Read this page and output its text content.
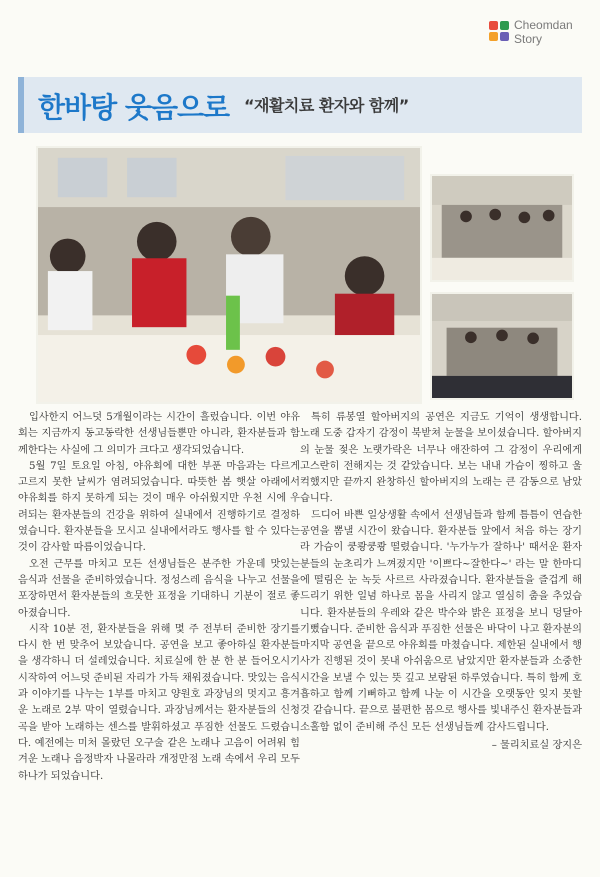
Cheomdan
Story
한바탕 웃음으로 “재활치료 환자와 함께”

입사한지 어느덧 5개월이라는 시간이 흘렀습니다. 이번 야유회는 지금까지 동고동락한 선생님들뿐만 아니라, 환자분들과 함께한다는 사실에 그 의미가 크다고 생각되었습니다.

5월 7일 토요일 아침, 야유회에 대한 부푼 마음과는 다르게 고르지 못한 날씨가 염려되었습니다. 따뜻한 봄 햇살 아래에서 야유회를 하지 못하게 되는 것이 매우 아쉬웠지만 우천 시에 우려되는 환자분들의 건강을 위하여 실내에서 진행하기로 결정하였습니다. 환자분들을 모시고 실내에서라도 행사를 할 수 있다는 것이 감사할 따름이었습니다.

오전 근무를 마치고 모든 선생님들은 분주한 가운데 맛있는 음식과 선물을 준비하였습니다. 정성스레 음식을 나누고 선물을 포장하면서 환자분들의 흐뭇한 표정을 기대하니 기분이 절로 좋아졌습니다.

시작 10분 전, 환자분들을 위해 몇 주 전부터 준비한 장기를 다시 한 번 맞추어 보았습니다. 공연을 보고 좋아하실 환자분들을 생각하니 더 설레었습니다. 치료실에 한 분 한 분 들어오시기 시작하여 어느덧 준비된 자리가 가득 채워졌습니다. 맛있는 음식과 이야기를 나누는 1부를 마치고 양원호 과장님의 멋지고 흥겨운 노래로 2부 막이 열렸습니다. 과장님께서는 환자분들의 신청곡을 받아 노래하는 센스를 발휘하셨고 푸짐한 선물도 드렸습니다. 예전에는 미처 몰랐던 오구술 같은 노래나 고음이 어려워 힘겨운 노래나 음정박자 나몰라라 개정만점 노래 속에서 우리 모두 하나가 되었습니다.

특히 류봉열 할아버지의 공연은 지금도 기억이 생생합니다. 노래 도중 갑자기 감정이 북받쳐 눈물을 보이셨습니다. 할아버지의 눈물 젖은 노랫가락은 너무나 애잔하여 그 감정이 우리에게 고스란히 전해지는 것 같았습니다. 보는 내내 가슴이 찡하고 울컥했지만 끝까지 완창하신 할아버지의 노래는 큰 감동으로 남았습니다.

드디어 바쁜 일상생활 속에서 선생님들과 함께 틈틈이 연습한 공연을 뽐낼 시간이 왔습니다. 환자분들 앞에서 처음 하는 장기라 가슴이 쿵쾅쿵쾅 떨렸습니다. '누가누가 잘하나' 때서운 환자분들의 눈초리가 느껴졌지만 '이쁘다~잘한다~' 라는 말 한마디에 떨림은 눈 녹듯 사르르 사라졌습니다. 환자분들을 즐겁게 해드리기 위한 일념 하나로 몸을 사리지 않고 열심히 춤을 추었습니다. 환자분들의 우레와 같은 박수와 밝은 표정을 보니 덩달아 기뻤습니다. 준비한 음식과 푸짐한 선물은 바닥이 나고 환자분의 마지막 공연을 끝으로 야유회를 마쳤습니다. 제한된 실내에서 행사가 진행된 것이 못내 아쉬움으로 남았지만 환자분들과 소중한 시간을 보낼 수 있는 뜻 깊고 보람된 하루였습니다. 특히 함께 호흡하고 함께 기뻐하고 함께 나눈 이 시간을 오랫동안 잊지 못할 것 같습니다. 끝으로 불편한 몸으로 행사를 빛내주신 환자분들과 소홀함 없이 준비해 주신 모든 선생님들께 감사드립니다.

– 물리치료실 장지은
